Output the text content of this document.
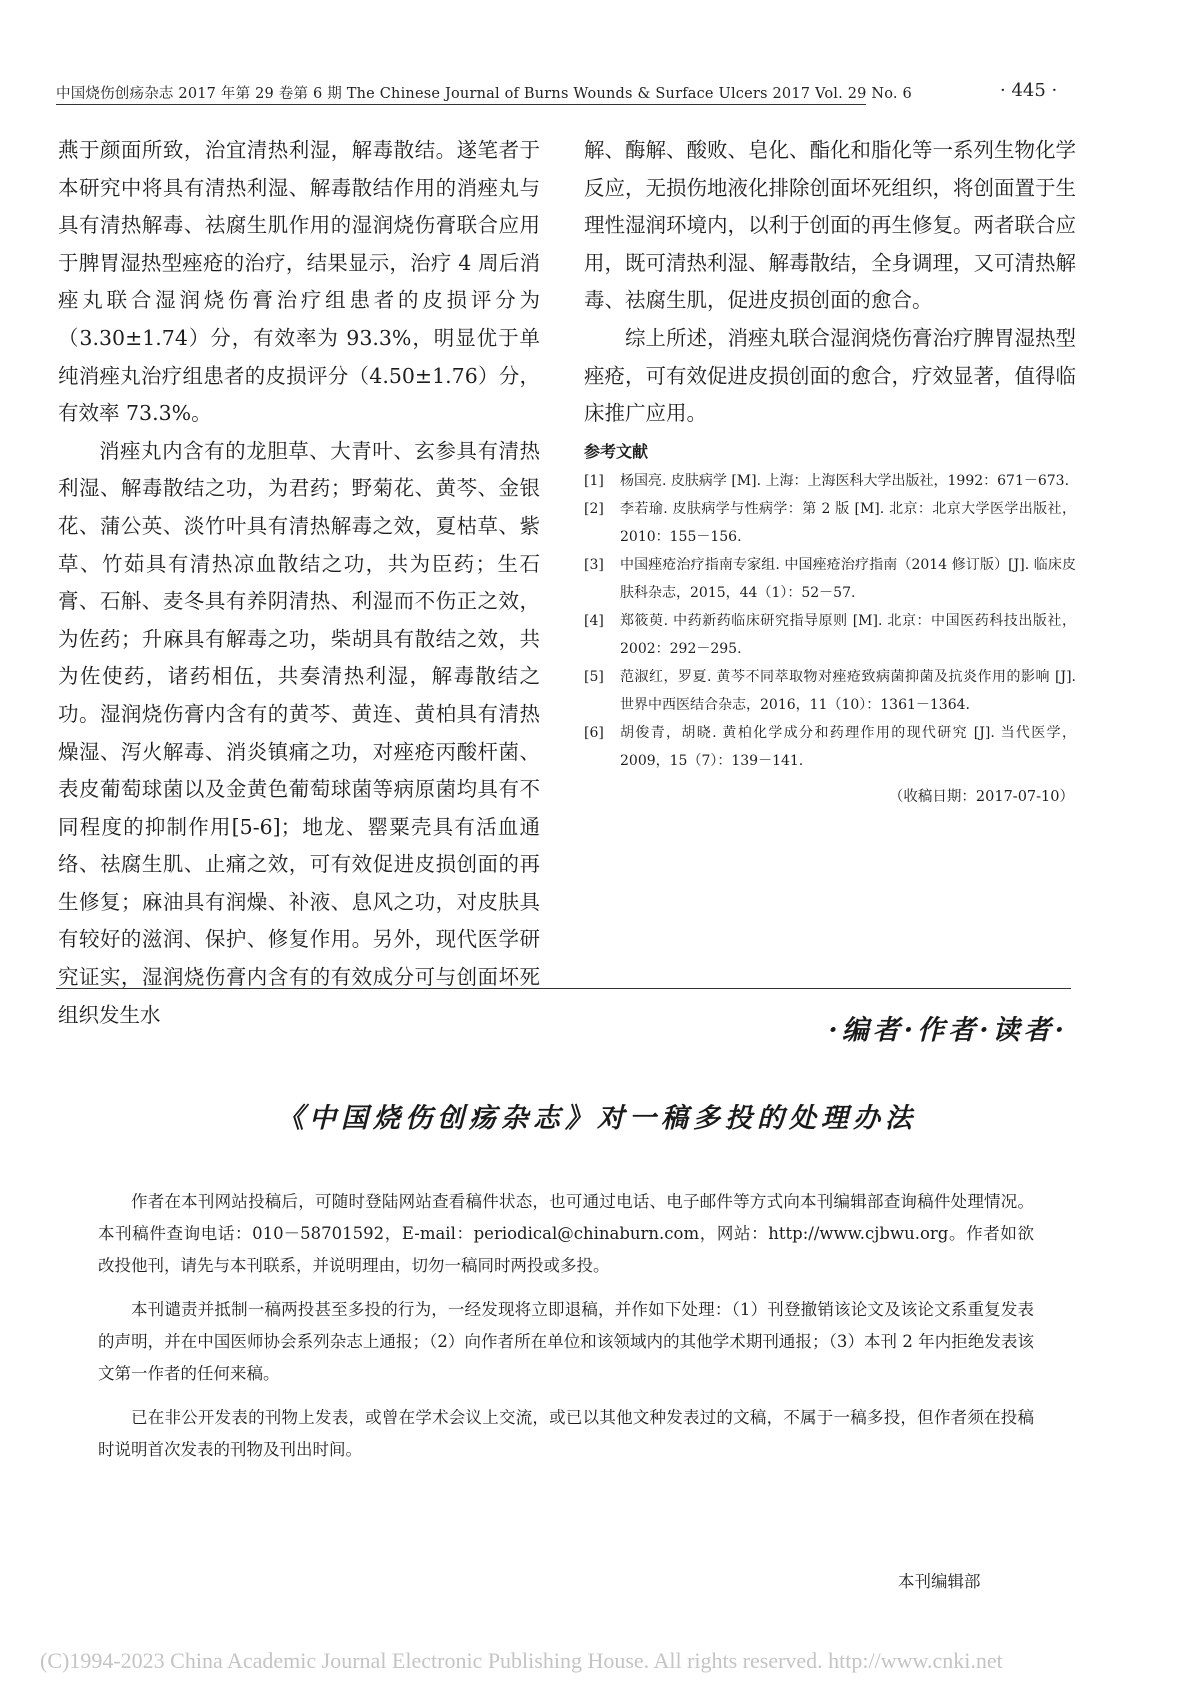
中国烧伤创疡杂志 2017 年第 29 卷第 6 期 The Chinese Journal of Burns Wounds & Surface Ulcers 2017 Vol. 29 No. 6	· 445 ·

燕于颜面所致，治宜清热利湿，解毒散结。遂笔者于本研究中将具有清热利湿、解毒散结作用的消痤丸与具有清热解毒、祛腐生肌作用的湿润烧伤膏联合应用于脾胃湿热型痤疮的治疗，结果显示，治疗 4 周后消痤丸联合湿润烧伤膏治疗组患者的皮损评分为（3.30±1.74）分，有效率为 93.3%，明显优于单纯消痤丸治疗组患者的皮损评分（4.50±1.76）分，有效率 73.3%。

消痤丸内含有的龙胆草、大青叶、玄参具有清热利湿、解毒散结之功，为君药；野菊花、黄芩、金银花、蒲公英、淡竹叶具有清热解毒之效，夏枯草、紫草、竹茹具有清热凉血散结之功，共为臣药；生石膏、石斛、麦冬具有养阴清热、利湿而不伤正之效，为佐药；升麻具有解毒之功，柴胡具有散结之效，共为佐使药，诸药相伍，共奏清热利湿，解毒散结之功。湿润烧伤膏内含有的黄芩、黄连、黄柏具有清热燥湿、泻火解毒、消炎镇痛之功，对痤疮丙酸杆菌、表皮葡萄球菌以及金黄色葡萄球菌等病原菌均具有不同程度的抑制作用[5-6]；地龙、罂粟壳具有活血通络、祛腐生肌、止痛之效，可有效促进皮损创面的再生修复；麻油具有润燥、补液、息风之功，对皮肤具有较好的滋润、保护、修复作用。另外，现代医学研究证实，湿润烧伤膏内含有的有效成分可与创面坏死组织发生水

解、酶解、酸败、皂化、酯化和脂化等一系列生物化学反应，无损伤地液化排除创面坏死组织，将创面置于生理性湿润环境内，以利于创面的再生修复。两者联合应用，既可清热利湿、解毒散结，全身调理，又可清热解毒、祛腐生肌，促进皮损创面的愈合。

综上所述，消痤丸联合湿润烧伤膏治疗脾胃湿热型痤疮，可有效促进皮损创面的愈合，疗效显著，值得临床推广应用。

参考文献

[1] 杨国亮. 皮肤病学 [M]. 上海：上海医科大学出版社，1992：671－673.
[2] 李若瑜. 皮肤病学与性病学：第 2 版 [M]. 北京：北京大学医学出版社，2010：155－156.
[3] 中国痤疮治疗指南专家组. 中国痤疮治疗指南（2014 修订版）[J]. 临床皮肤科杂志，2015，44（1）：52－57.
[4] 郑筱萸. 中药新药临床研究指导原则 [M]. 北京：中国医药科技出版社，2002：292－295.
[5] 范淑红，罗夏. 黄芩不同萃取物对痤疮致病菌抑菌及抗炎作用的影响 [J]. 世界中西医结合杂志，2016，11（10）：1361－1364.
[6] 胡俊青，胡晓. 黄柏化学成分和药理作用的现代研究 [J]. 当代医学，2009，15（7）：139－141.

（收稿日期：2017-07-10）

·编者·作者·读者·
《中国烧伤创疡杂志》对一稿多投的处理办法

作者在本刊网站投稿后，可随时登陆网站查看稿件状态，也可通过电话、电子邮件等方式向本刊编辑部查询稿件处理情况。本刊稿件查询电话：010－58701592，E-mail：periodical@chinaburn.com，网站：http://www.cjbwu.org。作者如欲改投他刊，请先与本刊联系，并说明理由，切勿一稿同时两投或多投。

本刊谴责并抵制一稿两投甚至多投的行为，一经发现将立即退稿，并作如下处理：（1）刊登撤销该论文及该论文系重复发表的声明，并在中国医师协会系列杂志上通报；（2）向作者所在单位和该领域内的其他学术期刊通报；（3）本刊 2 年内拒绝发表该文第一作者的任何来稿。

已在非公开发表的刊物上发表，或曾在学术会议上交流，或已以其他文种发表过的文稿，不属于一稿多投，但作者须在投稿时说明首次发表的刊物及刊出时间。

本刊编辑部
(C)1994-2023 China Academic Journal Electronic Publishing House. All rights reserved. http://www.cnki.net
